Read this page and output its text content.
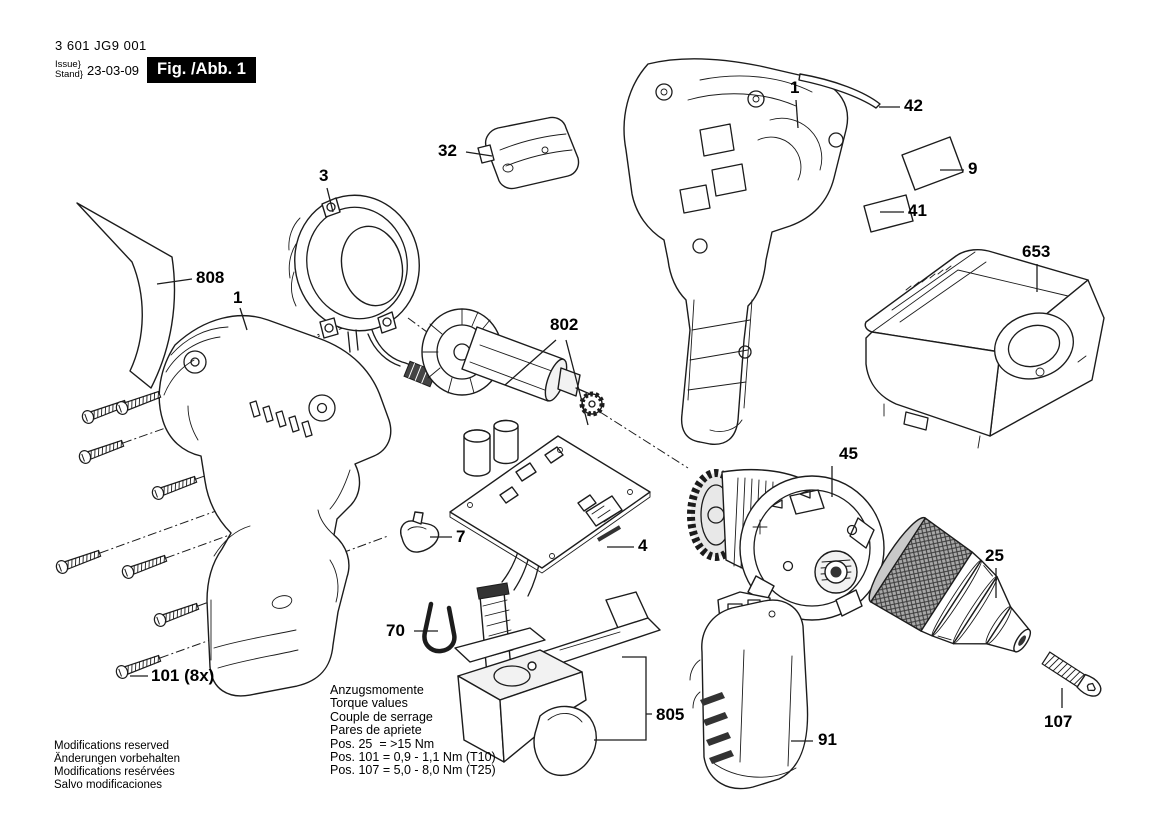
3 601 JG9 001
Issue}
Stand} 23-03-09	Fig. /Abb. 1
808
1
3
32
802
1
42
9
41
653
45
25
107
91
805
70
7	4
101 (8x)
Anzugsmomente
Torque values
Couple de serrage
Pares de apriete
Pos. 25  = >15 Nm
Pos. 101 = 0,9 - 1,1 Nm (T10)
Pos. 107 = 5,0 - 8,0 Nm (T25)
Modifications reserved
Änderungen vorbehalten
Modifications resérvées
Salvo modificaciones
